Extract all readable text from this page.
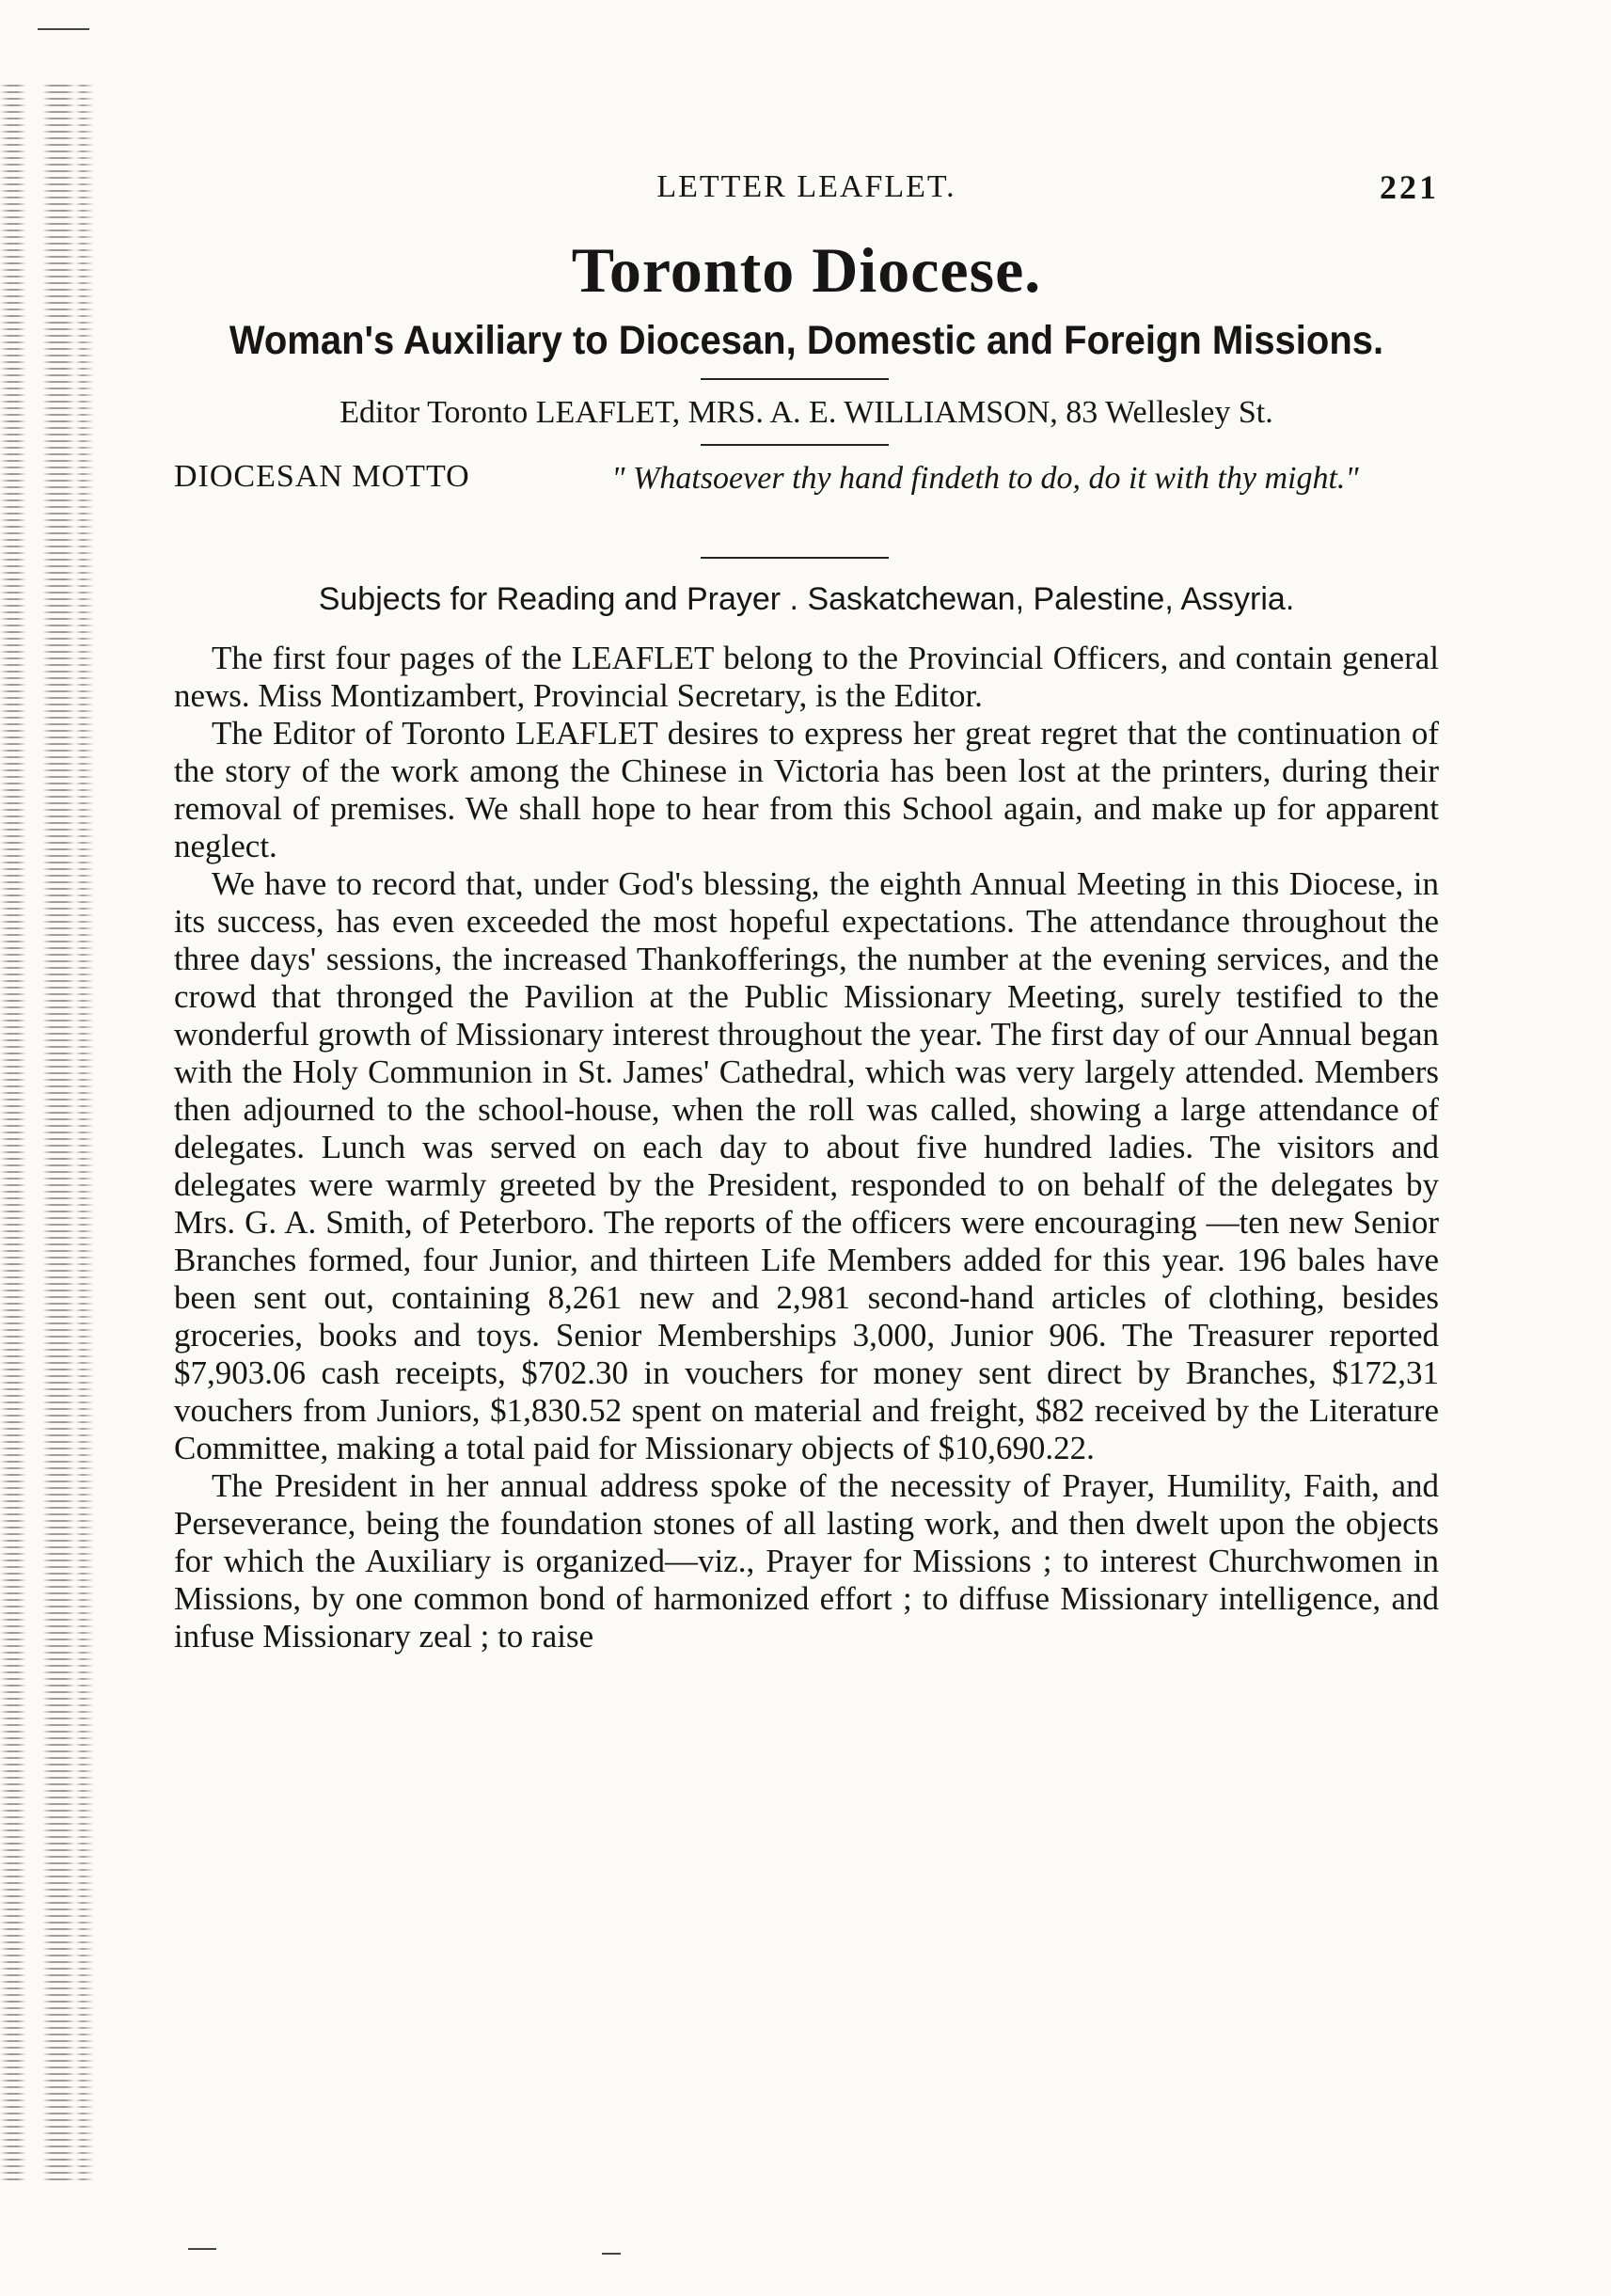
LETTER LEAFLET.	221
Toronto Diocese.
Woman's Auxiliary to Diocesan, Domestic and Foreign Missions.
Editor Toronto LEAFLET, MRS. A. E. WILLIAMSON, 83 Wellesley St.
DIOCESAN MOTTO	" Whatsoever thy hand findeth to do, do it with thy might."
Subjects for Reading and Prayer . Saskatchewan, Palestine, Assyria.

The first four pages of the LEAFLET belong to the Provincial Officers, and contain general news. Miss Montizambert, Provincial Secretary, is the Editor.

The Editor of Toronto LEAFLET desires to express her great regret that the continuation of the story of the work among the Chinese in Victoria has been lost at the printers, during their removal of premises. We shall hope to hear from this School again, and make up for apparent neglect.

We have to record that, under God's blessing, the eighth Annual Meeting in this Diocese, in its success, has even exceeded the most hopeful expectations. The attendance throughout the three days' sessions, the increased Thankofferings, the number at the evening services, and the crowd that thronged the Pavilion at the Public Missionary Meeting, surely testified to the wonderful growth of Missionary interest throughout the year. The first day of our Annual began with the Holy Communion in St. James' Cathedral, which was very largely attended. Members then adjourned to the school-house, when the roll was called, showing a large attendance of delegates. Lunch was served on each day to about five hundred ladies. The visitors and delegates were warmly greeted by the President, responded to on behalf of the delegates by Mrs. G. A. Smith, of Peterboro. The reports of the officers were encouraging —ten new Senior Branches formed, four Junior, and thirteen Life Members added for this year. 196 bales have been sent out, containing 8,261 new and 2,981 second-hand articles of clothing, besides groceries, books and toys. Senior Memberships 3,000, Junior 906. The Treasurer reported $7,903.06 cash receipts, $702.30 in vouchers for money sent direct by Branches, $172,31 vouchers from Juniors, $1,830.52 spent on material and freight, $82 received by the Literature Committee, making a total paid for Missionary objects of $10,690.22.

The President in her annual address spoke of the necessity of Prayer, Humility, Faith, and Perseverance, being the foundation stones of all lasting work, and then dwelt upon the objects for which the Auxiliary is organized—viz., Prayer for Missions ; to interest Churchwomen in Missions, by one common bond of harmonized effort ; to diffuse Missionary intelligence, and infuse Missionary zeal ; to raise
